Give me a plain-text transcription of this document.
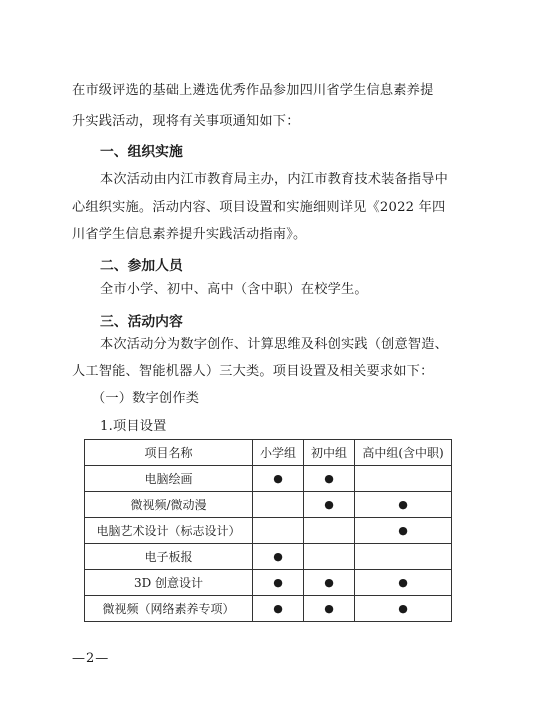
在市级评选的基础上遴选优秀作品参加四川省学生信息素养提
升实践活动，现将有关事项通知如下：
一、组织实施
本次活动由内江市教育局主办，内江市教育技术装备指导中
心组织实施。活动内容、项目设置和实施细则详见《2022 年四
川省学生信息素养提升实践活动指南》。
二、参加人员
全市小学、初中、高中（含中职）在校学生。
三、活动内容
本次活动分为数字创作、计算思维及科创实践（创意智造、
人工智能、智能机器人）三大类。项目设置及相关要求如下：
（一）数字创作类
1.项目设置
项目名称	小学组	初中组	高中组(含中职)
电脑绘画	●	●	
微视频/微动漫		●	●
电脑艺术设计（标志设计）			●
电子板报	●		
3D 创意设计	●	●	●
微视频（网络素养专项）	●	●	●
—2—
